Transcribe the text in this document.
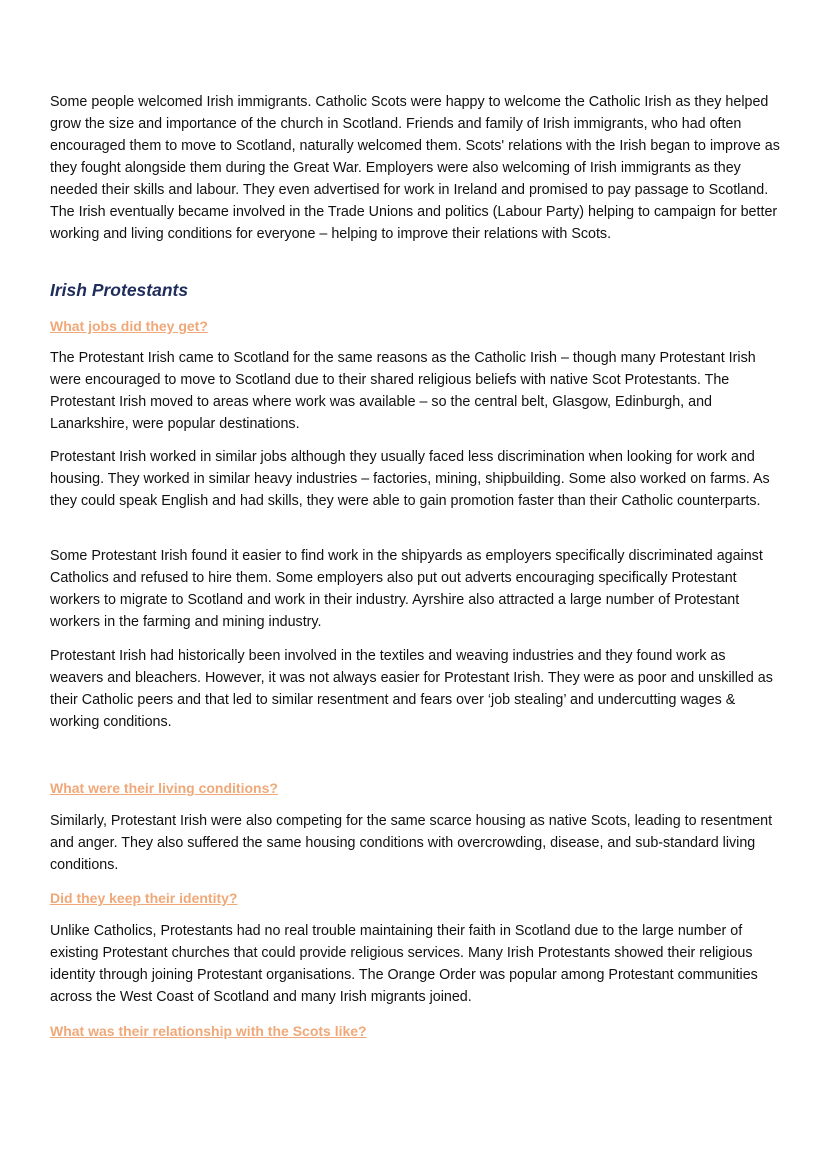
Some people welcomed Irish immigrants. Catholic Scots were happy to welcome the Catholic Irish as they helped grow the size and importance of the church in Scotland. Friends and family of Irish immigrants, who had often encouraged them to move to Scotland, naturally welcomed them. Scots' relations with the Irish began to improve as they fought alongside them during the Great War. Employers were also welcoming of Irish immigrants as they needed their skills and labour. They even advertised for work in Ireland and promised to pay passage to Scotland. The Irish eventually became involved in the Trade Unions and politics (Labour Party) helping to campaign for better working and living conditions for everyone – helping to improve their relations with Scots.

Irish Protestants
What jobs did they get?

The Protestant Irish came to Scotland for the same reasons as the Catholic Irish – though many Protestant Irish were encouraged to move to Scotland due to their shared religious beliefs with native Scot Protestants. The Protestant Irish moved to areas where work was available – so the central belt, Glasgow, Edinburgh, and Lanarkshire, were popular destinations.

Protestant Irish worked in similar jobs although they usually faced less discrimination when looking for work and housing. They worked in similar heavy industries – factories, mining, shipbuilding. Some also worked on farms. As they could speak English and had skills, they were able to gain promotion faster than their Catholic counterparts.

Some Protestant Irish found it easier to find work in the shipyards as employers specifically discriminated against Catholics and refused to hire them. Some employers also put out adverts encouraging specifically Protestant workers to migrate to Scotland and work in their industry. Ayrshire also attracted a large number of Protestant workers in the farming and mining industry.

Protestant Irish had historically been involved in the textiles and weaving industries and they found work as weavers and bleachers. However, it was not always easier for Protestant Irish. They were as poor and unskilled as their Catholic peers and that led to similar resentment and fears over ‘job stealing’ and undercutting wages & working conditions.

What were their living conditions?

Similarly, Protestant Irish were also competing for the same scarce housing as native Scots, leading to resentment and anger. They also suffered the same housing conditions with overcrowding, disease, and sub-standard living conditions.

Did they keep their identity?

Unlike Catholics, Protestants had no real trouble maintaining their faith in Scotland due to the large number of existing Protestant churches that could provide religious services. Many Irish Protestants showed their religious identity through joining Protestant organisations. The Orange Order was popular among Protestant communities across the West Coast of Scotland and many Irish migrants joined.

What was their relationship with the Scots like?
